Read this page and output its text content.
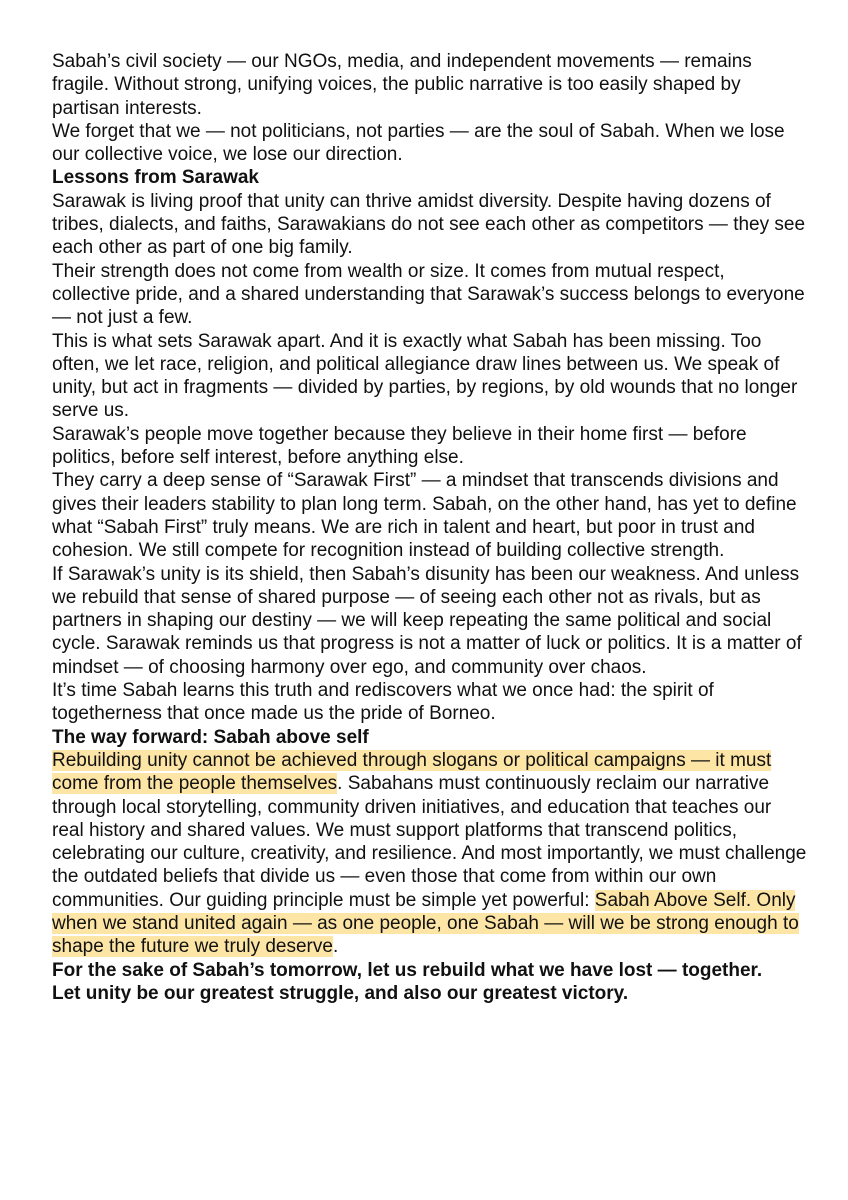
Sabah’s civil society — our NGOs, media, and independent movements — remains fragile. Without strong, unifying voices, the public narrative is too easily shaped by partisan interests.

We forget that we — not politicians, not parties — are the soul of Sabah. When we lose our collective voice, we lose our direction.

Lessons from Sarawak

Sarawak is living proof that unity can thrive amidst diversity. Despite having dozens of tribes, dialects, and faiths, Sarawakians do not see each other as competitors — they see each other as part of one big family.

Their strength does not come from wealth or size. It comes from mutual respect, collective pride, and a shared understanding that Sarawak’s success belongs to everyone — not just a few.

This is what sets Sarawak apart. And it is exactly what Sabah has been missing. Too often, we let race, religion, and political allegiance draw lines between us. We speak of unity, but act in fragments — divided by parties, by regions, by old wounds that no longer serve us.

Sarawak’s people move together because they believe in their home first — before politics, before self interest, before anything else.

They carry a deep sense of “Sarawak First” — a mindset that transcends divisions and gives their leaders stability to plan long term. Sabah, on the other hand, has yet to define what “Sabah First” truly means. We are rich in talent and heart, but poor in trust and cohesion. We still compete for recognition instead of building collective strength.

If Sarawak’s unity is its shield, then Sabah’s disunity has been our weakness. And unless we rebuild that sense of shared purpose — of seeing each other not as rivals, but as partners in shaping our destiny — we will keep repeating the same political and social cycle. Sarawak reminds us that progress is not a matter of luck or politics. It is a matter of mindset — of choosing harmony over ego, and community over chaos.

It’s time Sabah learns this truth and rediscovers what we once had: the spirit of togetherness that once made us the pride of Borneo.

The way forward: Sabah above self

Rebuilding unity cannot be achieved through slogans or political campaigns — it must come from the people themselves. Sabahans must continuously reclaim our narrative through local storytelling, community driven initiatives, and education that teaches our real history and shared values. We must support platforms that transcend politics, celebrating our culture, creativity, and resilience. And most importantly, we must challenge the outdated beliefs that divide us — even those that come from within our own communities. Our guiding principle must be simple yet powerful: Sabah Above Self. Only when we stand united again — as one people, one Sabah — will we be strong enough to shape the future we truly deserve.

For the sake of Sabah’s tomorrow, let us rebuild what we have lost — together.

Let unity be our greatest struggle, and also our greatest victory.
